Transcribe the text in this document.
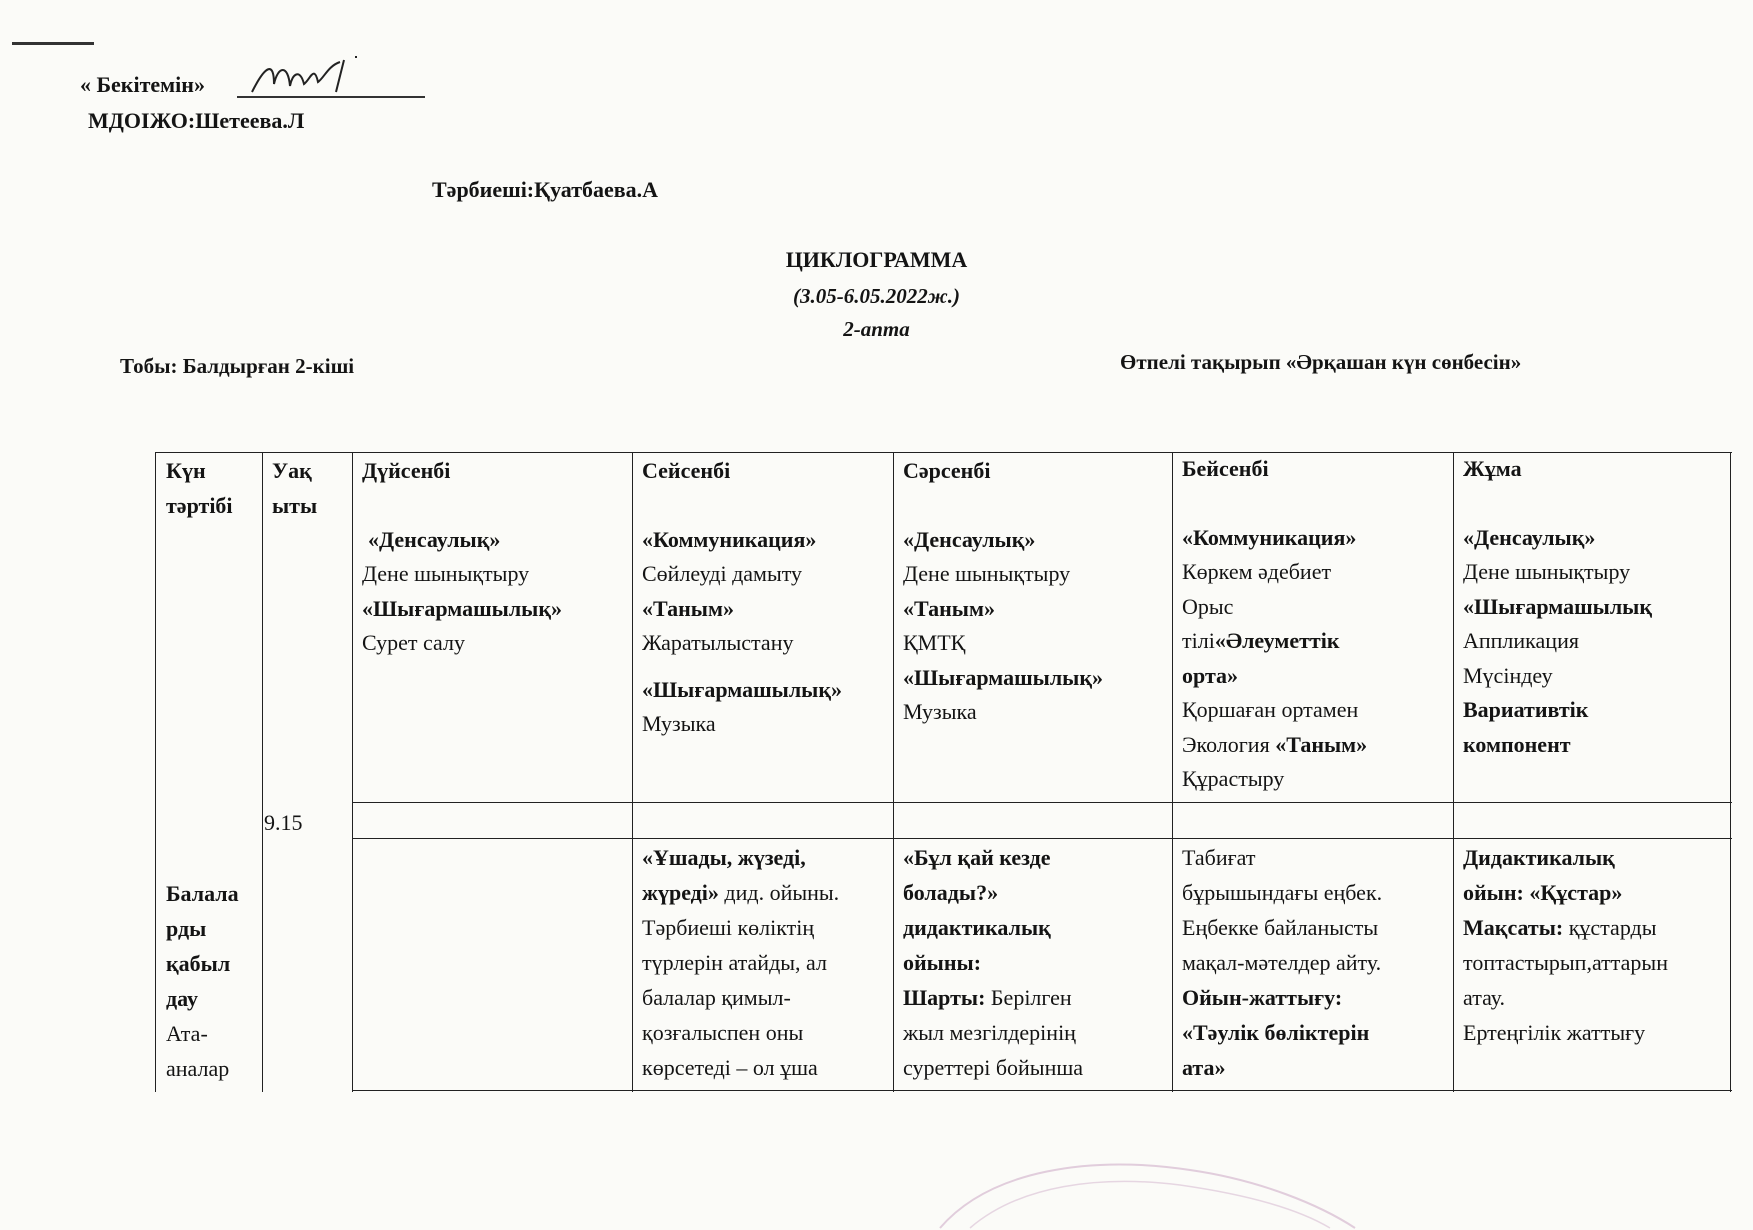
« Бекітемін»
МДОІЖО:Шетеева.Л
Тәрбиеші:Қуатбаева.А
ЦИКЛОГРАММА
(3.05-6.05.2022ж.)
2-апта
Тобы: Балдырған 2-кіші	Өтпелі тақырып «Әрқашан күн сөнбесін»

Күн

тәртібі

Уақ

ыты

Дүйсенбі

«Денсаулық»

Дене шынықтыру

«Шығармашылық»

Сурет салу

Сейсенбі

«Коммуникация»

Сөйлеуді дамыту

«Таным»

Жаратылыстану

«Шығармашылық»

Музыка

Сәрсенбі

«Денсаулық»

Дене шынықтыру

«Таным»

ҚМТҚ

«Шығармашылық»

Музыка

Бейсенбі

«Коммуникация»

Көркем әдебиет

Орыс

тілі«Әлеуметтік

орта»

Қоршаған ортамен

Экология «Таным»

Құрастыру

Жұма

«Денсаулық»

Дене шынықтыру

«Шығармашылық

Аппликация

Мүсіндеу

Вариативтік

компонент

9.15

Балала

рды

қабыл

дау

Ата-

аналар

«Ұшады, жүзеді,

жүреді» дид. ойыны.

Тәрбиеші көліктің

түрлерін атайды, ал

балалар қимыл-

қозғалыспен оны

көрсетеді – ол ұша

«Бұл қай кезде

болады?»

дидактикалық

ойыны:

Шарты: Берілген

жыл мезгілдерінің

суреттері бойынша

Табиғат

бұрышындағы еңбек.

Еңбекке байланысты

мақал-мәтелдер айту.

Ойын-жаттығу:

«Тәулік бөліктерін

ата»

Дидактикалық

ойын: «Құстар»

Мақсаты: құстарды

топтастырып,аттарын

атау.

Ертеңгілік жаттығу
